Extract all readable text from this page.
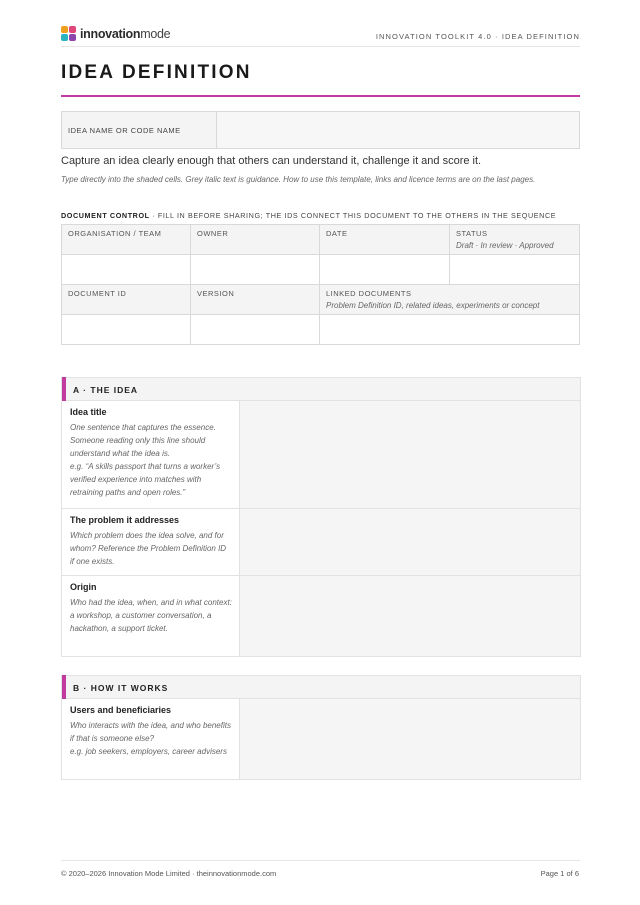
innovationmode	INNOVATION TOOLKIT 4.0 · IDEA DEFINITION
IDEA DEFINITION
IDEA NAME OR CODE NAME
Capture an idea clearly enough that others can understand it, challenge it and score it.
Type directly into the shaded cells. Grey italic text is guidance. How to use this template, links and licence terms are on the last pages.
DOCUMENT CONTROL · FILL IN BEFORE SHARING; THE IDS CONNECT THIS DOCUMENT TO THE OTHERS IN THE SEQUENCE
ORGANISATION / TEAM	OWNER	DATE	STATUS
Draft · In review · Approved

DOCUMENT ID	VERSION	LINKED DOCUMENTS
Problem Definition ID, related ideas, experiments or concept	

A · THE IDEA
Idea title
One sentence that captures the essence. Someone reading only this line should understand what the idea is.
e.g. “A skills passport that turns a worker’s verified experience into matches with retraining paths and open roles.”
The problem it addresses
Which problem does the idea solve, and for whom? Reference the Problem Definition ID if one exists.
Origin
Who had the idea, when, and in what context: a workshop, a customer conversation, a hackathon, a support ticket.
B · HOW IT WORKS
Users and beneficiaries
Who interacts with the idea, and who benefits if that is someone else?
e.g. job seekers, employers, career advisers
© 2020–2026 Innovation Mode Limited · theinnovationmode.com	Page 1 of 6
